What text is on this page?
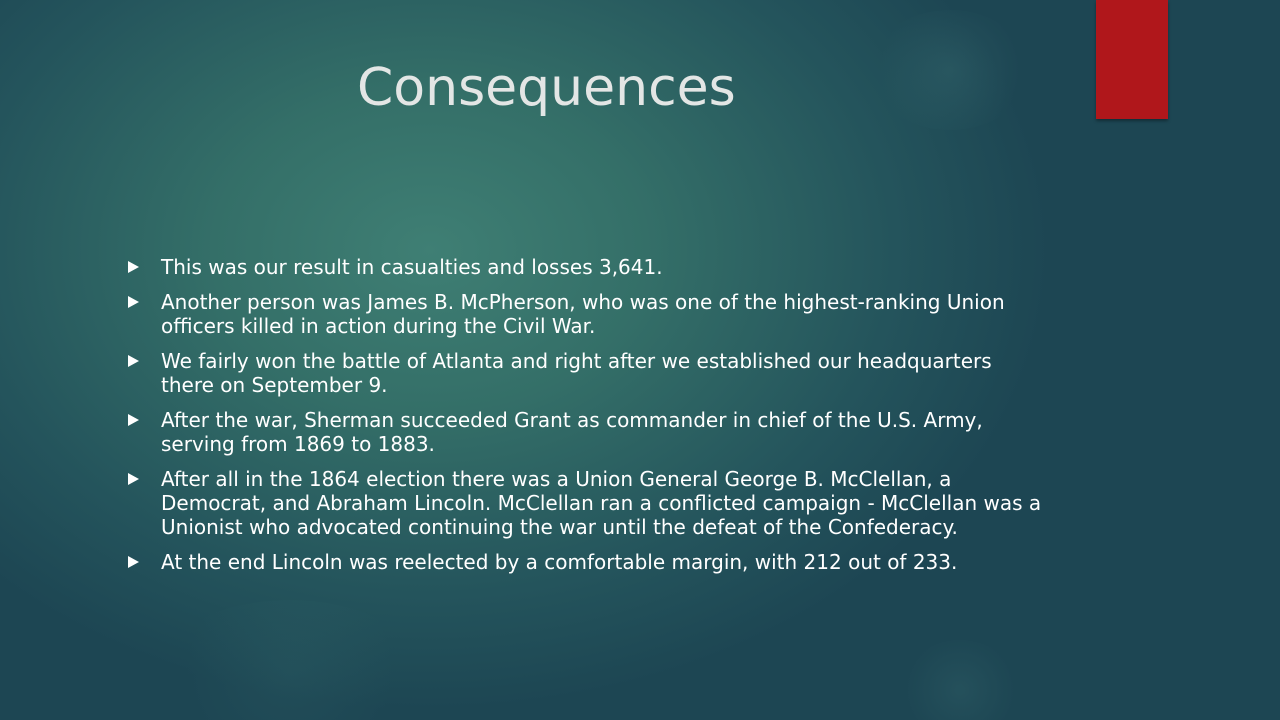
Consequences
This was our result in casualties and losses 3,641.
Another person was James B. McPherson, who was one of the highest-ranking Union officers killed in action during the Civil War.
We fairly won the battle of Atlanta and right after we established our headquarters there on September 9.
After the war, Sherman succeeded Grant as commander in chief of the U.S. Army, serving from 1869 to 1883.
After all in the 1864 election there was a Union General George B. McClellan, a Democrat, and Abraham Lincoln. McClellan ran a conflicted campaign - McClellan was a Unionist who advocated continuing the war until the defeat of the Confederacy.
At the end Lincoln was reelected by a comfortable margin, with 212 out of 233.
